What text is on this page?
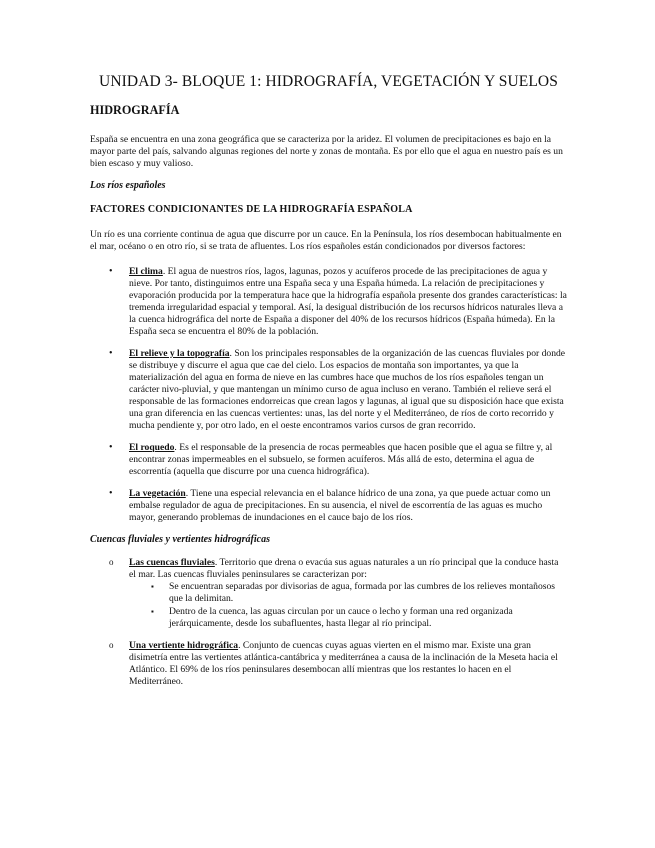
UNIDAD 3- BLOQUE 1: HIDROGRAFÍA, VEGETACIÓN Y SUELOS
HIDROGRAFÍA

España se encuentra en una zona geográfica que se caracteriza por la aridez. El volumen de precipitaciones es bajo en la mayor parte del país, salvando algunas regiones del norte y zonas de montaña. Es por ello que el agua en nuestro país es un bien escaso y muy valioso.

Los ríos españoles

FACTORES CONDICIONANTES DE LA HIDROGRAFÍA ESPAÑOLA

Un río es una corriente continua de agua que discurre por un cauce. En la Península, los ríos desembocan habitualmente en el mar, océano o en otro río, si se trata de afluentes. Los ríos españoles están condicionados por diversos factores:

• El clima. El agua de nuestros ríos, lagos, lagunas, pozos y acuíferos procede de las precipitaciones de agua y nieve. Por tanto, distinguimos entre una España seca y una España húmeda. La relación de precipitaciones y evaporación producida por la temperatura hace que la hidrografía española presente dos grandes características: la tremenda irregularidad espacial y temporal. Así, la desigual distribución de los recursos hídricos naturales lleva a la cuenca hidrográfica del norte de España a disponer del 40% de los recursos hídricos (España húmeda). En la España seca se encuentra el 80% de la población.
• El relieve y la topografía. Son los principales responsables de la organización de las cuencas fluviales por donde se distribuye y discurre el agua que cae del cielo. Los espacios de montaña son importantes, ya que la materialización del agua en forma de nieve en las cumbres hace que muchos de los ríos españoles tengan un carácter nivo-pluvial, y que mantengan un mínimo curso de agua incluso en verano. También el relieve será el responsable de las formaciones endorreicas que crean lagos y lagunas, al igual que su disposición hace que exista una gran diferencia en las cuencas vertientes: unas, las del norte y el Mediterráneo, de ríos de corto recorrido y mucha pendiente y, por otro lado, en el oeste encontramos varios cursos de gran recorrido.
• El roquedo. Es el responsable de la presencia de rocas permeables que hacen posible que el agua se filtre y, al encontrar zonas impermeables en el subsuelo, se formen acuíferos. Más allá de esto, determina el agua de escorrentía (aquella que discurre por una cuenca hidrográfica).
• La vegetación. Tiene una especial relevancia en el balance hídrico de una zona, ya que puede actuar como un embalse regulador de agua de precipitaciones. En su ausencia, el nivel de escorrentía de las aguas es mucho mayor, generando problemas de inundaciones en el cauce bajo de los ríos.

Cuencas fluviales y vertientes hidrográficas

o Las cuencas fluviales. Territorio que drena o evacúa sus aguas naturales a un río principal que la conduce hasta el mar. Las cuencas fluviales peninsulares se caracterizan por:
▪ Se encuentran separadas por divisorias de agua, formada por las cumbres de los relieves montañosos que la delimitan.
▪ Dentro de la cuenca, las aguas circulan por un cauce o lecho y forman una red organizada jerárquicamente, desde los subafluentes, hasta llegar al río principal.
o Una vertiente hidrográfica. Conjunto de cuencas cuyas aguas vierten en el mismo mar. Existe una gran disimetría entre las vertientes atlántica-cantábrica y mediterránea a causa de la inclinación de la Meseta hacia el Atlántico. El 69% de los ríos peninsulares desembocan allí mientras que los restantes lo hacen en el Mediterráneo.
